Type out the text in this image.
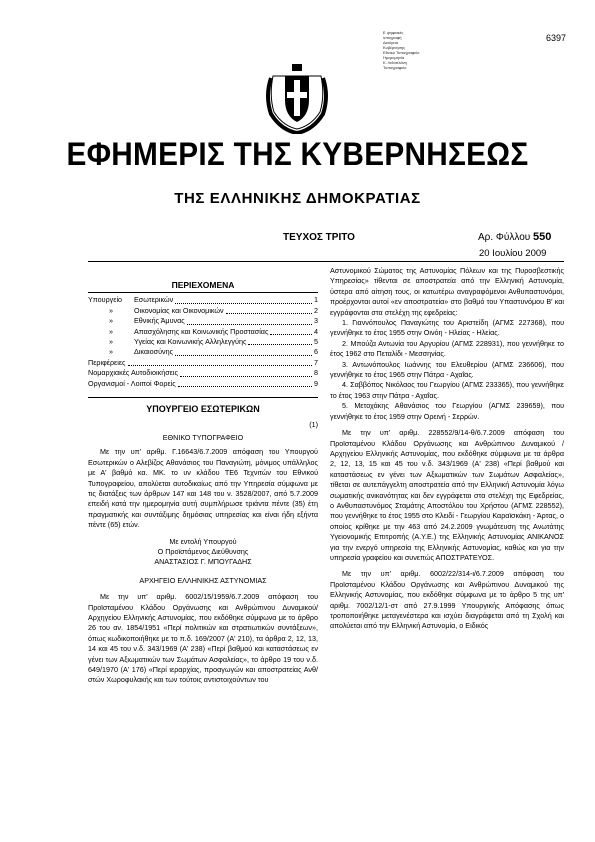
Ε ψηφιακές
υπογραφή
Διαύγεια
Κυβέρνησης
Εθνικό Τυπογραφείο
Ημερομηνία
Κ. Λιθοπλάνη
Τυπογραφείο
6397
ΕΦΗΜΕΡΙΣ ΤΗΣ ΚΥΒΕΡΝΗΣΕΩΣ
ΤΗΣ ΕΛΛΗΝΙΚΗΣ ΔΗΜΟΚΡΑΤΙΑΣ
ΤΕΥΧΟΣ ΤΡΙΤΟ	Αρ. Φύλλου 550
20 Ιουλίου 2009
ΠΕΡΙΕΧΟΜΕΝΑ
Υπουργείο	Εσωτερικών	1
»	Οικονομίας και Οικονομικών	2
»	Εθνικής Άμυνας	3
»	Απασχόλησης και Κοινωνικής Προστασίας	4
»	Υγείας και Κοινωνικής Αλληλεγγύης	5
»	Δικαιοσύνης	6
Περιφέρειες	7
Νομαρχιακές Αυτοδιοικήσεις	8
Οργανισμοί - Λοιποί Φορείς	9
ΥΠΟΥΡΓΕΙΟ ΕΣΩΤΕΡΙΚΩΝ
(1)
ΕΘΝΙΚΟ ΤΥΠΟΓΡΑΦΕΙΟ

Με την υπ' αριθμ. Γ.16643/6.7.2009 απόφαση του Υπουργού Εσωτερικών ο Αλεβίζος Αθανάσιος του Παναγιώτη, μόνιμος υπάλληλος με Α' βαθμό κα. ΜΚ. το υν κλάδου ΤΕ6 Τεχνιτών του Εθνικού Τυπογραφείου, απολύεται αυτοδικαίως από την Υπηρεσία σύμφωνα με τις διατάξεις των άρθρων 147 και 148 του ν. 3528/2007, από 5.7.2009 επειδή κατά την ημερομηνία αυτή συμπλήρωσε τριάντα πέντε (35) έτη πραγματικής και συντάξιμης δημόσιας υπηρεσίας και είναι ήδη εξήντα πέντε (65) ετών.

Με εντολή Υπουργού
Ο Προϊστάμενος Διεύθυνσης
ΑΝΑΣΤΑΣΙΟΣ Γ. ΜΠΟΥΓΑΔΗΣ
ΑΡΧΗΓΕΙΟ ΕΛΛΗΝΙΚΗΣ ΑΣΤΥΝΟΜΙΑΣ

Με την υπ' αριθμ. 6002/15/1959/6.7.2009 απόφαση του Προϊσταμένου Κλάδου Οργάνωσης και Ανθρώπινου Δυναμικού/ Αρχηγείου Ελληνικής Αστυνομίας, που εκδόθηκε σύμφωνα με το άρθρο 26 του αν. 1854/1951 «Περί πολιτικών και στρατιωτικών συντάξεων», όπως κωδικοποιήθηκε με το π.δ. 169/2007 (Α' 210), τα άρθρα 2, 12, 13, 14 και 45 του ν.δ. 343/1969 (Α' 238) «Περί βαθμού και καταστάσεως εν γένει των Αξιωματικών των Σωμάτων Ασφαλείας», το άρθρο 19 του ν.δ. 649/1970 (Α' 176) «Περί ιεραρχίας, προαγωγών και αποστρατείας Ανθ/στών Χωροφυλακής και των τούτοις αντιστοιχούντων του

Αστυνομικού Σώματος της Αστυνομίας Πόλεων και της Πυροσβεστικής Υπηρεσίας» τίθενται σε αποστρατεία από την Ελληνική Αστυνομία, ύστερα από αίτηση τους, οι κατωτέρω αναγραφόμενοι Ανθυπαστυνόμοι, προέρχονται αυτοί «εν αποστρατεία» στο βαθμό του Υπαστυνόμου Β' και εγγράφονται στα στελέχη της εφεδρείας:

1. Γιαννόπουλος Παναγιώτης του Αριστείδη (ΑΓΜΣ 227368), που γεννήθηκε το έτος 1955 στην Οινόη - Ηλείας - Ηλείας.

2. Μπούζα Αντωνία του Αργυρίου (ΑΓΜΣ 228931), που γεννήθηκε το έτος 1962 στο Πεταλίδι - Μεσσηνίας.

3. Αντωνόπουλος Ιωάννης του Ελευθερίου (ΑΓΜΣ 236606), που γεννήθηκε το έτος 1965 στην Πάτρα - Αχαΐας.

4. Σαββόπος Νικόλαος του Γεωργίου (ΑΓΜΣ 233365), που γεννήθηκε το έτος 1963 στην Πάτρα - Αχαΐας.

5. Μετοχάκης Αθανάσιος του Γεωργίου (ΑΓΜΣ 239659), που γεννήθηκε το έτος 1959 στην Ορεινή - Σερρών.

Με την υπ' αριθμ. 228552/9/14-θ/6.7.2009 απόφαση του Προϊσταμένου Κλάδου Οργάνωσης και Ανθρώπινου Δυναμικού / Αρχηγείου Ελληνικής Αστυνομίας, που εκδόθηκε σύμφωνα με τα άρθρα 2, 12, 13, 15 και 45 του ν.δ. 343/1969 (Α' 238) «Περί βαθμού και καταστάσεως εν γένει των Αξιωματικών των Σωμάτων Ασφαλείας», τίθεται σε αυτεπάγγελτη αποστρατεία από την Ελληνική Αστυνομία λόγω σωματικής ανικανότητας και δεν εγγράφεται στα στελέχη της Εφεδρείας, ο Ανθυπαστυνόμος Σταμάτης Αποστόλου του Χρήστου (ΑΓΜΣ 228552), που γεννήθηκε το έτος 1955 στο Κλειδί - Γεωργίου Καραϊσκάκη - Άρτας, ο οποίος κρίθηκε με την 463 από 24.2.2009 γνωμάτευση της Ανωτάτης Υγειονομικής Επιτροπής (Α.Υ.Ε.) της Ελληνικής Αστυνομίας ΑΝΙΚΑΝΟΣ για την ενεργό υπηρεσία της Ελληνικής Αστυνομίας, καθώς και για την υπηρεσία γραφείου και συνεπώς ΑΠΟΣΤΡΑΤΕΥΟΣ.

Με την υπ' αριθμ. 6002/22/314-ι/6.7.2009 απόφαση του Προϊσταμένου Κλάδου Οργάνωσης και Ανθρώπινου Δυναμικού της Ελληνικής Αστυνομίας, που εκδόθηκε σύμφωνα με το άρθρο 5 της υπ' αριθμ. 7002/12/1-στ από 27.9.1999 Υπουργικής Απόφασης όπως τροποποιήθηκε μεταγενέστερα και ισχύει διαγράφεται από τη Σχολή και απολύεται από την Ελληνική Αστυνομία, ο Ειδικός
